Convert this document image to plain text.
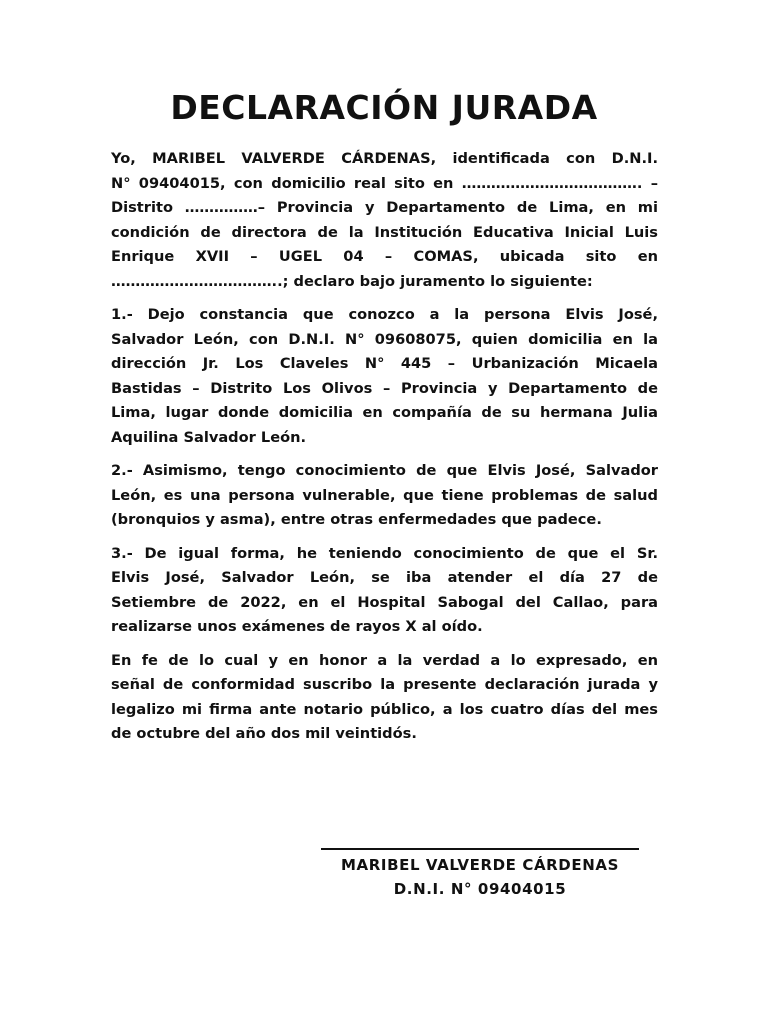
DECLARACIÓN JURADA

Yo, MARIBEL VALVERDE CÁRDENAS, identificada con D.N.I.
N° 09404015, con domicilio real sito en ………………………………. –
Distrito ……………– Provincia y Departamento de Lima, en mi
condición de directora de la Institución Educativa Inicial Luis
Enrique XVII – UGEL 04 – COMAS, ubicada sito en
……………………………..; declaro bajo juramento lo siguiente:

1.- Dejo constancia que conozco a la persona Elvis José,
Salvador León, con D.N.I. N° 09608075, quien domicilia en la
dirección Jr. Los Claveles N° 445 – Urbanización Micaela
Bastidas – Distrito Los Olivos – Provincia y Departamento de
Lima, lugar donde domicilia en compañía de su hermana Julia
Aquilina Salvador León.

2.- Asimismo, tengo conocimiento de que Elvis José, Salvador
León, es una persona vulnerable, que tiene problemas de salud
(bronquios y asma), entre otras enfermedades que padece.

3.- De igual forma, he teniendo conocimiento de que el Sr.
Elvis José, Salvador León, se iba atender el día 27 de
Setiembre de 2022, en el Hospital Sabogal del Callao, para
realizarse unos exámenes de rayos X al oído.

En fe de lo cual y en honor a la verdad a lo expresado, en
señal de conformidad suscribo la presente declaración jurada y
legalizo mi firma ante notario público, a los cuatro días del mes
de octubre del año dos mil veintidós.

MARIBEL VALVERDE CÁRDENAS
D.N.I. N° 09404015
